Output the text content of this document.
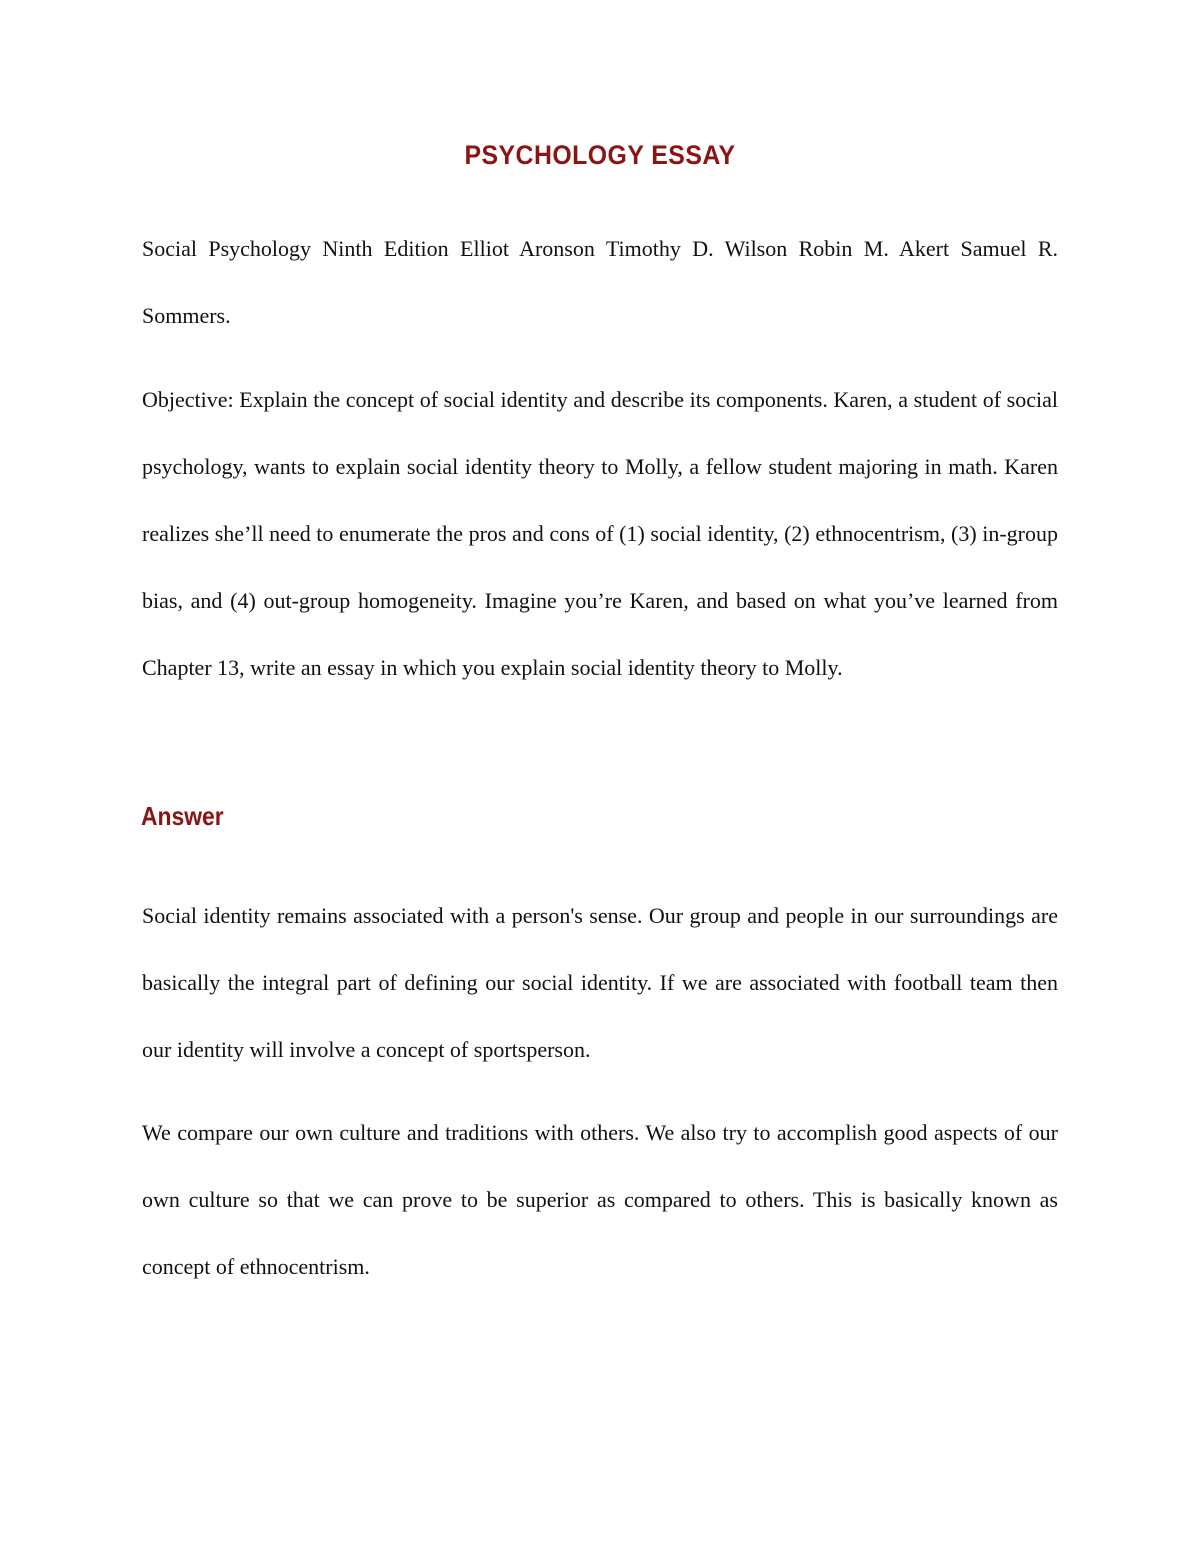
PSYCHOLOGY ESSAY

Social Psychology Ninth Edition Elliot Aronson Timothy D. Wilson Robin M. Akert Samuel R. Sommers.

Objective: Explain the concept of social identity and describe its components. Karen, a student of social psychology, wants to explain social identity theory to Molly, a fellow student majoring in math. Karen realizes she’ll need to enumerate the pros and cons of (1) social identity, (2) ethnocentrism, (3) in-group bias, and (4) out-group homogeneity. Imagine you’re Karen, and based on what you’ve learned from Chapter 13, write an essay in which you explain social identity theory to Molly.

Answer

Social identity remains associated with a person's sense. Our group and people in our surroundings are basically the integral part of defining our social identity. If we are associated with football team then our identity will involve a concept of sportsperson.

We compare our own culture and traditions with others. We also try to accomplish good aspects of our own culture so that we can prove to be superior as compared to others. This is basically known as concept of ethnocentrism.
